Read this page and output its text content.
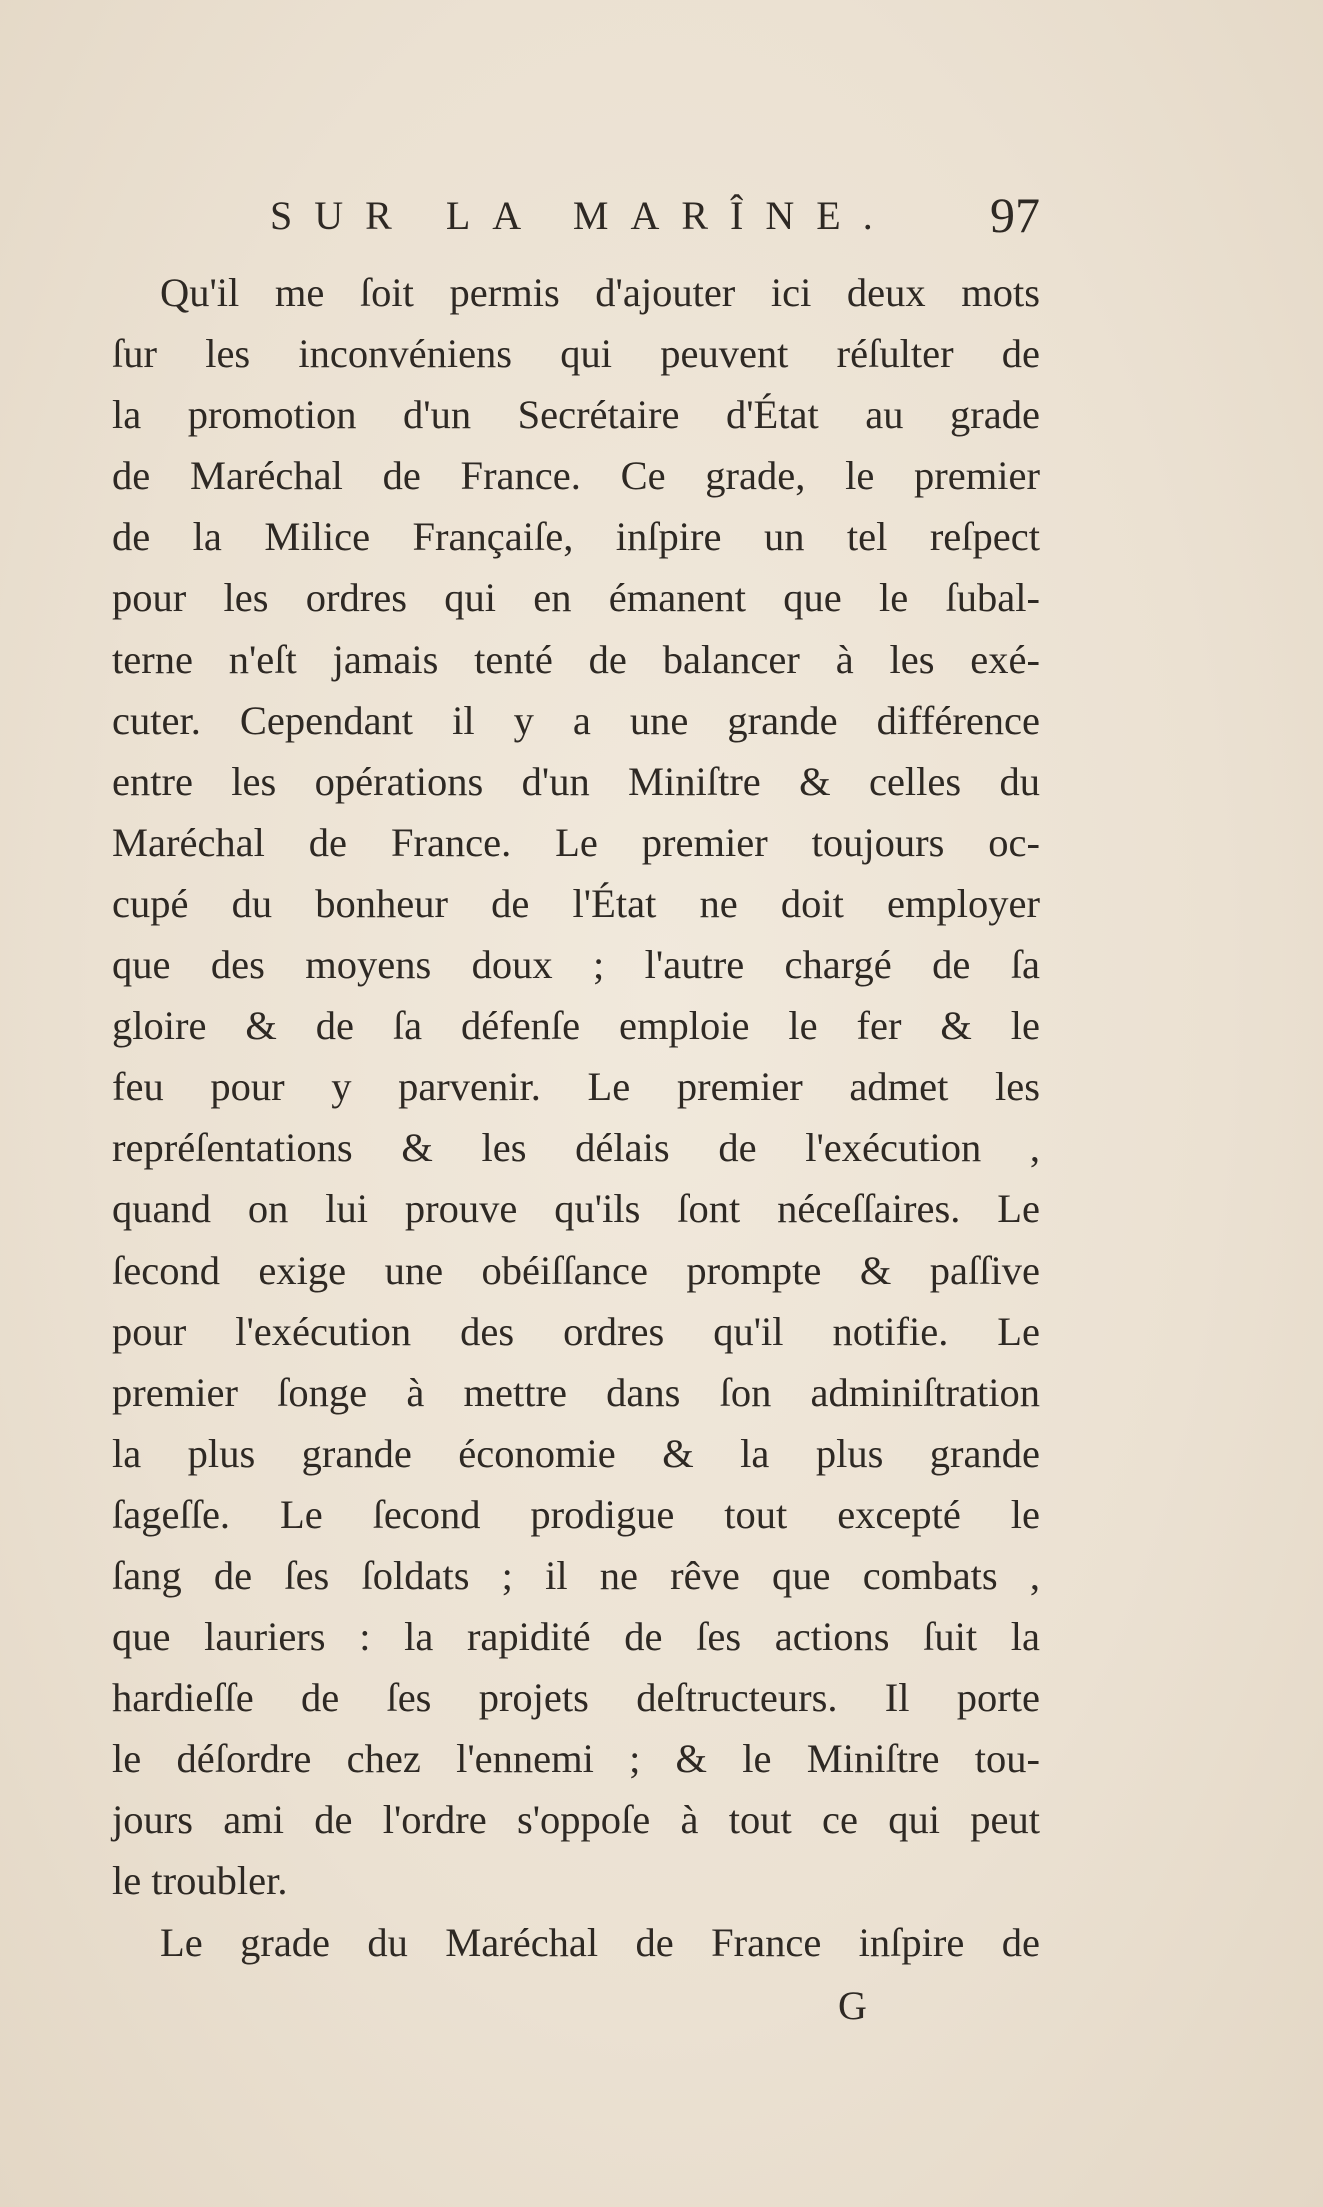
SUR LA MARÎNE. 97
Qu'il me ſoit permis d'ajouter ici deux mots
ſur les inconvéniens qui peuvent réſulter de
la promotion d'un Secrétaire d'État au grade
de Maréchal de France. Ce grade, le premier
de la Milice Françaiſe, inſpire un tel reſpect
pour les ordres qui en émanent que le ſubal-
terne n'eſt jamais tenté de balancer à les exé-
cuter. Cependant il y a une grande différence
entre les opérations d'un Miniſtre & celles du
Maréchal de France. Le premier toujours oc-
cupé du bonheur de l'État ne doit employer
que des moyens doux ; l'autre chargé de ſa
gloire & de ſa défenſe emploie le fer & le
feu pour y parvenir. Le premier admet les
repréſentations & les délais de l'exécution ,
quand on lui prouve qu'ils ſont néceſſaires. Le
ſecond exige une obéiſſance prompte & paſſive
pour l'exécution des ordres qu'il notifie. Le
premier ſonge à mettre dans ſon adminiſtration
la plus grande économie & la plus grande
ſageſſe. Le ſecond prodigue tout excepté le
ſang de ſes ſoldats ; il ne rêve que combats ,
que lauriers : la rapidité de ſes actions ſuit la
hardieſſe de ſes projets deſtructeurs. Il porte
le déſordre chez l'ennemi ; & le Miniſtre tou-
jours ami de l'ordre s'oppoſe à tout ce qui peut
le troubler.
Le grade du Maréchal de France inſpire de
G
